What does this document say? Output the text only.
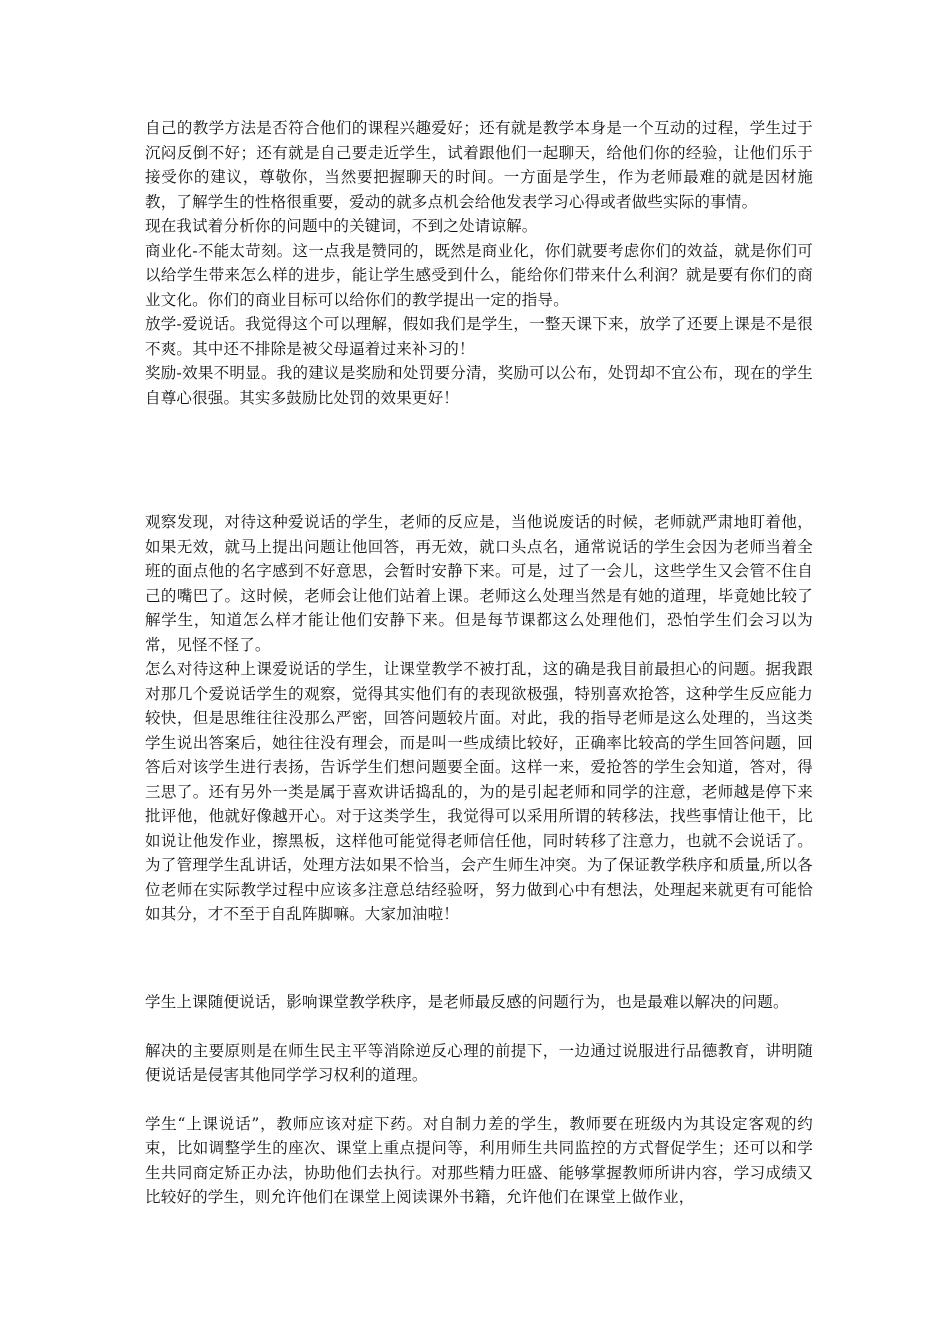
自己的教学方法是否符合他们的课程兴趣爱好；还有就是教学本身是一个互动的过程，学生过于沉闷反倒不好；还有就是自己要走近学生，试着跟他们一起聊天，给他们你的经验，让他们乐于接受你的建议，尊敬你，当然要把握聊天的时间。一方面是学生，作为老师最难的就是因材施教，了解学生的性格很重要，爱动的就多点机会给他发表学习心得或者做些实际的事情。

现在我试着分析你的问题中的关键词，不到之处请谅解。

商业化-不能太苛刻。这一点我是赞同的，既然是商业化，你们就要考虑你们的效益，就是你们可以给学生带来怎么样的进步，能让学生感受到什么，能给你们带来什么利润？就是要有你们的商业文化。你们的商业目标可以给你们的教学提出一定的指导。

放学-爱说话。我觉得这个可以理解，假如我们是学生，一整天课下来，放学了还要上课是不是很不爽。其中还不排除是被父母逼着过来补习的！

奖励-效果不明显。我的建议是奖励和处罚要分清，奖励可以公布，处罚却不宜公布，现在的学生自尊心很强。其实多鼓励比处罚的效果更好！

观察发现，对待这种爱说话的学生，老师的反应是，当他说废话的时候，老师就严肃地盯着他，如果无效，就马上提出问题让他回答，再无效，就口头点名，通常说话的学生会因为老师当着全班的面点他的名字感到不好意思，会暂时安静下来。可是，过了一会儿，这些学生又会管不住自己的嘴巴了。这时候，老师会让他们站着上课。老师这么处理当然是有她的道理，毕竟她比较了解学生，知道怎么样才能让他们安静下来。但是每节课都这么处理他们，恐怕学生们会习以为常，见怪不怪了。

怎么对待这种上课爱说话的学生，让课堂教学不被打乱，这的确是我目前最担心的问题。据我跟对那几个爱说话学生的观察，觉得其实他们有的表现欲极强，特别喜欢抢答，这种学生反应能力较快，但是思维往往没那么严密，回答问题较片面。对此，我的指导老师是这么处理的，当这类学生说出答案后，她往往没有理会，而是叫一些成绩比较好，正确率比较高的学生回答问题，回答后对该学生进行表扬，告诉学生们想问题要全面。这样一来，爱抢答的学生会知道，答对，得三思了。还有另外一类是属于喜欢讲话捣乱的，为的是引起老师和同学的注意，老师越是停下来批评他，他就好像越开心。对于这类学生，我觉得可以采用所谓的转移法，找些事情让他干，比如说让他发作业，擦黑板，这样他可能觉得老师信任他，同时转移了注意力，也就不会说话了。为了管理学生乱讲话，处理方法如果不恰当，会产生师生冲突。为了保证教学秩序和质量,所以各位老师在实际教学过程中应该多注意总结经验呀，努力做到心中有想法，处理起来就更有可能恰如其分，才不至于自乱阵脚嘛。大家加油啦！

学生上课随便说话，影响课堂教学秩序，是老师最反感的问题行为，也是最难以解决的问题。

解决的主要原则是在师生民主平等消除逆反心理的前提下，一边通过说服进行品德教育，讲明随便说话是侵害其他同学学习权利的道理。

学生“上课说话”，教师应该对症下药。对自制力差的学生，教师要在班级内为其设定客观的约束，比如调整学生的座次、课堂上重点提问等，利用师生共同监控的方式督促学生；还可以和学生共同商定矫正办法，协助他们去执行。对那些精力旺盛、能够掌握教师所讲内容，学习成绩又比较好的学生，则允许他们在课堂上阅读课外书籍，允许他们在课堂上做作业，
